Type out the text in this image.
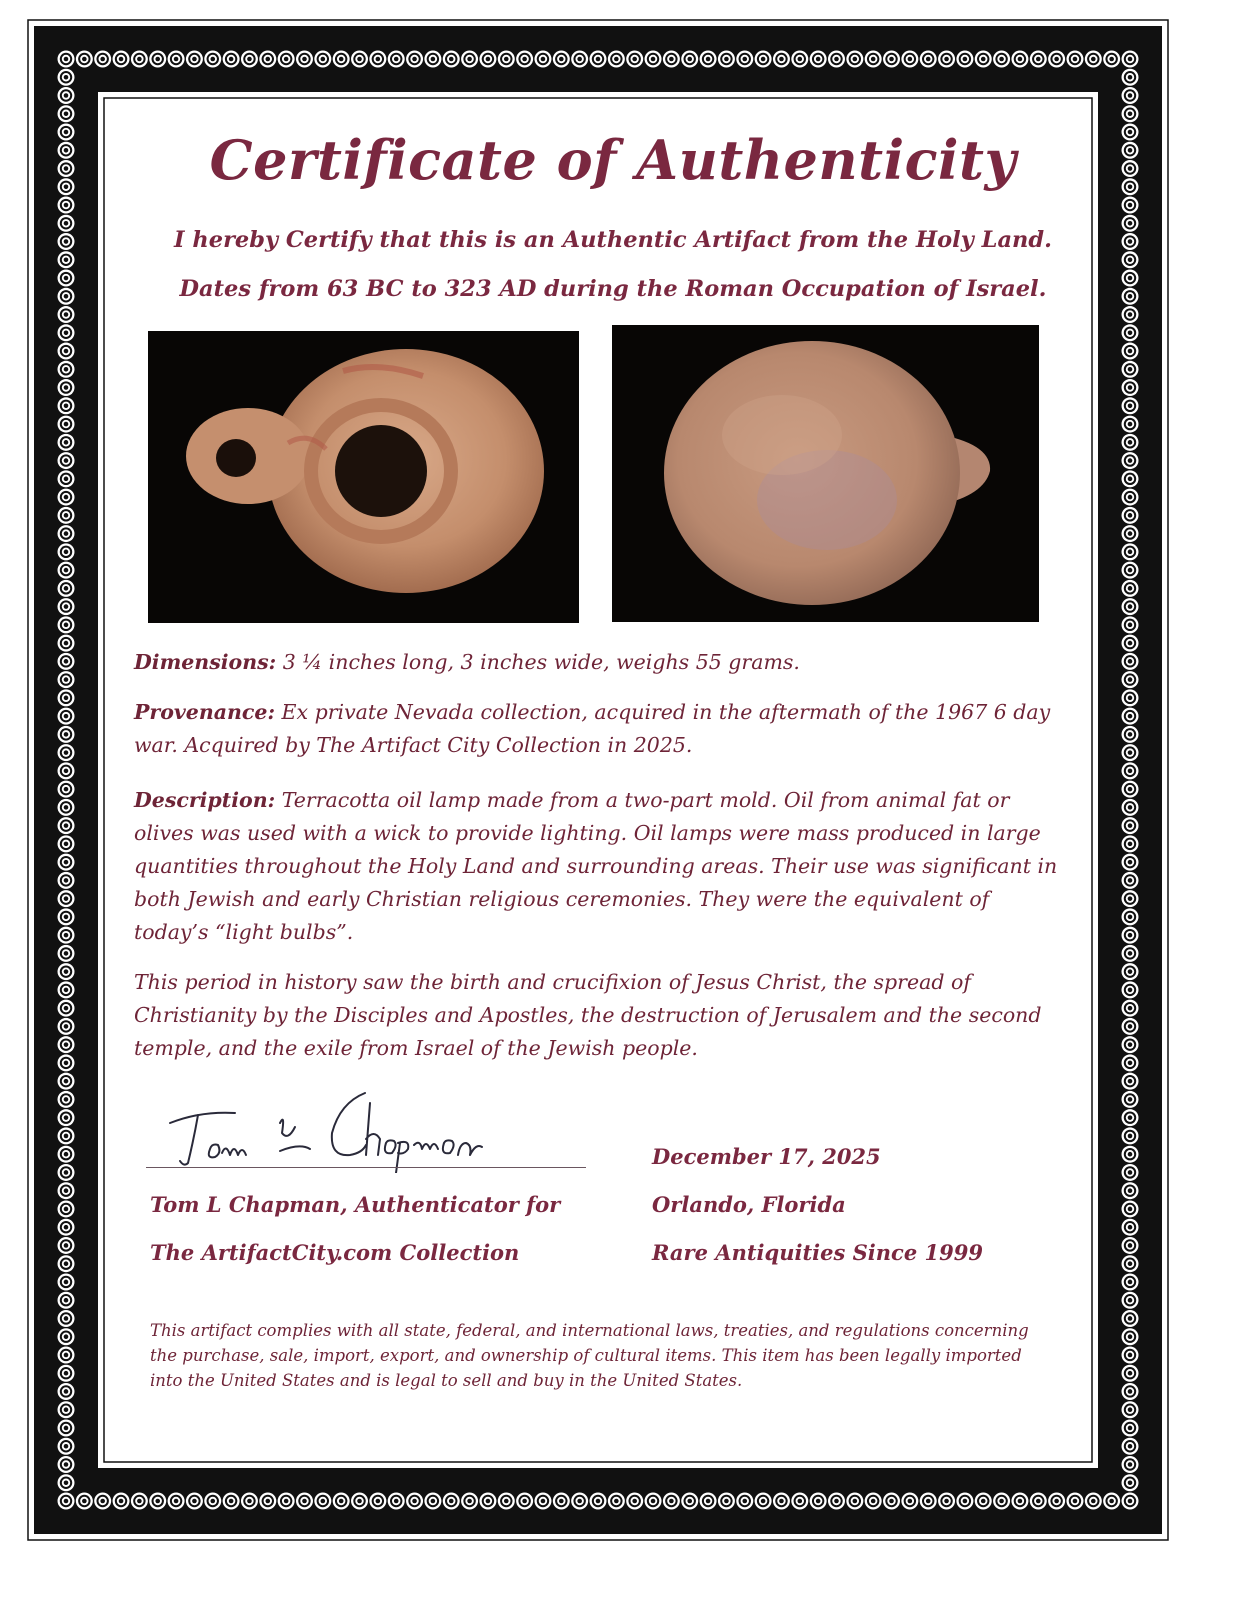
Certificate of Authenticity
I hereby Certify that this is an Authentic Artifact from the Holy Land.
Dates from 63 BC to 323 AD during the Roman Occupation of Israel.
Dimensions: 3 ¼ inches long, 3 inches wide, weighs 55 grams.
Provenance: Ex private Nevada collection, acquired in the aftermath of the 1967 6 day war. Acquired by The Artifact City Collection in 2025.
Description: Terracotta oil lamp made from a two-part mold. Oil from animal fat or olives was used with a wick to provide lighting. Oil lamps were mass produced in large quantities throughout the Holy Land and surrounding areas. Their use was significant in both Jewish and early Christian religious ceremonies. They were the equivalent of today’s “light bulbs”.
This period in history saw the birth and crucifixion of Jesus Christ, the spread of Christianity by the Disciples and Apostles, the destruction of Jerusalem and the second temple, and the exile from Israel of the Jewish people.
Tom L Chapman, Authenticator for
The ArtifactCity.com Collection
December 17, 2025
Orlando, Florida
Rare Antiquities Since 1999
This artifact complies with all state, federal, and international laws, treaties, and regulations concerning the purchase, sale, import, export, and ownership of cultural items. This item has been legally imported into the United States and is legal to sell and buy in the United States.
